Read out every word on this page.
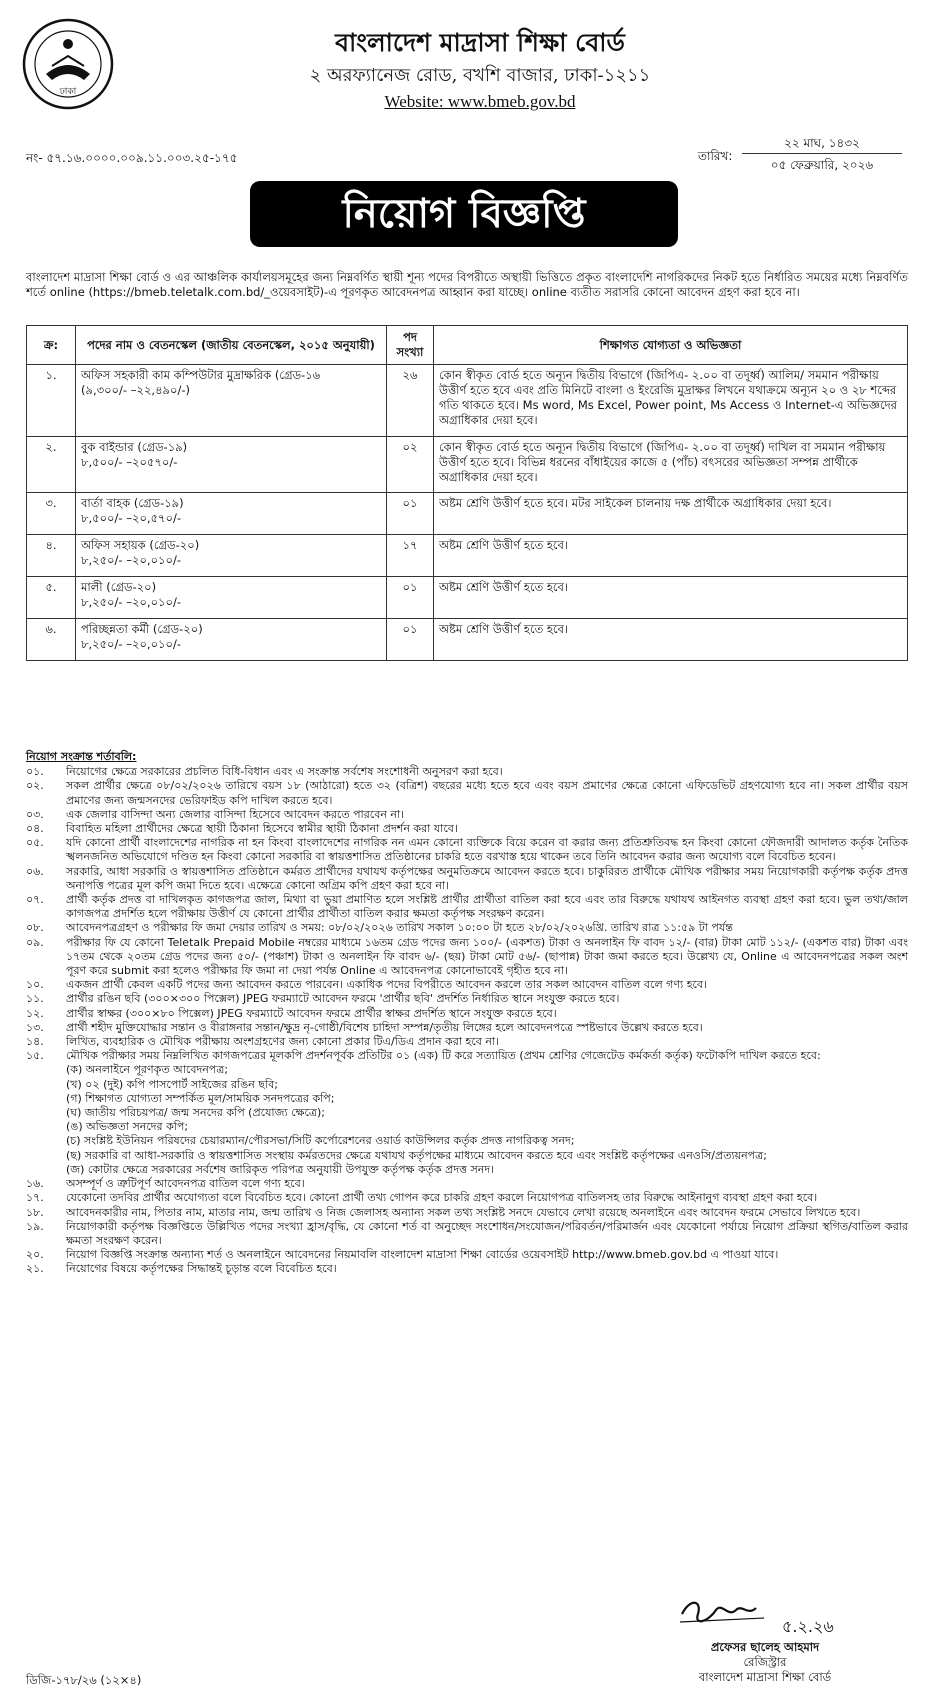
ঢাকা
বাংলাদেশ মাদ্রাসা শিক্ষা বোর্ড
২ অরফ্যানেজ রোড, বখশি বাজার, ঢাকা-১২১১
Website: www.bmeb.gov.bd
নং- ৫৭.১৬.০০০০.০০৯.১১.০০৩.২৫-১৭৫	তারিখ:
২২ মাঘ, ১৪৩২
০৫ ফেব্রুয়ারি, ২০২৬
নিয়োগ বিজ্ঞপ্তি
বাংলাদেশ মাদ্রাসা শিক্ষা বোর্ড ও এর আঞ্চলিক কার্যালয়সমূহের জন্য নিম্নবর্ণিত স্থায়ী শূন্য পদের বিপরীতে অস্থায়ী ভিত্তিতে প্রকৃত বাংলাদেশি নাগরিকদের নিকট হতে নির্ধারিত সময়ের মধ্যে নিম্নবর্ণিত শর্তে online (https://bmeb.teletalk.com.bd/_ওয়েবসাইট)-এ পূরণকৃত আবেদনপত্র আহ্বান করা যাচ্ছে। online ব্যতীত সরাসরি কোনো আবেদন গ্রহণ করা হবে না।
ক্র:	পদের নাম ও বেতনস্কেল (জাতীয় বেতনস্কেল, ২০১৫ অনুযায়ী)	পদ সংখ্যা	শিক্ষাগত যোগ্যতা ও অভিজ্ঞতা
১.	অফিস সহকারী কাম কম্পিউটার মুদ্রাক্ষরিক (গ্রেড-১৬
(৯,৩০০/- –২২,৪৯০/-)	২৬	কোন স্বীকৃত বোর্ড হতে অন্যূন দ্বিতীয় বিভাগে (জিপিএ- ২.০০ বা তদূর্ধ্ব) আলিম/ সমমান পরীক্ষায় উত্তীর্ণ হতে হবে এবং প্রতি মিনিটে বাংলা ও ইংরেজি মুদ্রাক্ষর লিখনে যথাক্রমে অন্যূন ২০ ও ২৮ শব্দের গতি থাকতে হবে। Ms word, Ms Excel, Power point, Ms Access ও Internet-এ অভিজ্ঞদের অগ্রাধিকার দেয়া হবে।
২.	বুক বাইন্ডার (গ্রেড-১৯)
৮,৫০০/- –২০৫৭০/-	০২	কোন স্বীকৃত বোর্ড হতে অন্যূন দ্বিতীয় বিভাগে (জিপিএ- ২.০০ বা তদূর্ধ্ব) দাখিল বা সমমান পরীক্ষায় উত্তীর্ণ হতে হবে। বিভিন্ন ধরনের বাঁধাইয়ের কাজে ৫ (পাঁচ) বৎসরের অভিজ্ঞতা সম্পন্ন প্রার্থীকে অগ্রাধিকার দেয়া হবে।
৩.	বার্তা বাহক (গ্রেড-১৯)
৮,৫০০/- –২০,৫৭০/-	০১	অষ্টম শ্রেণি উত্তীর্ণ হতে হবে। মটর সাইকেল চালনায় দক্ষ প্রার্থীকে অগ্রাধিকার দেয়া হবে।
৪.	অফিস সহায়ক (গ্রেড-২০)
৮,২৫০/- –২০,০১০/-	১৭	অষ্টম শ্রেণি উত্তীর্ণ হতে হবে।
৫.	মালী (গ্রেড-২০)
৮,২৫০/- –২০,০১০/-	০১	অষ্টম শ্রেণি উত্তীর্ণ হতে হবে।
৬.	পরিচ্ছন্নতা কর্মী (গ্রেড-২০)
৮,২৫০/- –২০,০১০/-	০১	অষ্টম শ্রেণি উত্তীর্ণ হতে হবে।
নিয়োগ সংক্রান্ত শর্তাবলি:
০১.	নিয়োগের ক্ষেত্রে সরকারের প্রচলিত বিধি-বিধান এবং এ সংক্রান্ত সর্বশেষ সংশোধনী অনুসরণ করা হবে।
০২.	সকল প্রার্থীর ক্ষেত্রে ০৮/০২/২০২৬ তারিখে বয়স ১৮ (আঠারো) হতে ৩২ (বত্রিশ) বছরের মধ্যে হতে হবে এবং বয়স প্রমাণের ক্ষেত্রে কোনো এফিডেভিট গ্রহণযোগ্য হবে না। সকল প্রার্থীর বয়স প্রমাণের জন্য জন্মসনদের ভেরিফাইড কপি দাখিল করতে হবে।
০৩.	এক জেলার বাসিন্দা অন্য জেলার বাসিন্দা হিসেবে আবেদন করতে পারবেন না।
০৪.	বিবাহিত মহিলা প্রার্থীদের ক্ষেত্রে স্থায়ী ঠিকানা হিসেবে স্বামীর স্থায়ী ঠিকানা প্রদর্শন করা যাবে।
০৫.	যদি কোনো প্রার্থী বাংলাদেশের নাগরিক না হন কিংবা বাংলাদেশের নাগরিক নন এমন কোনো ব্যক্তিকে বিয়ে করেন বা করার জন্য প্রতিশ্রুতিবদ্ধ হন কিংবা কোনো ফৌজদারী আদালত কর্তৃক নৈতিক স্খলনজনিত অভিযোগে দণ্ডিত হন কিংবা কোনো সরকারি বা স্বায়ত্তশাসিত প্রতিষ্ঠানের চাকরি হতে বরখাস্ত হয়ে থাকেন তবে তিনি আবেদন করার জন্য অযোগ্য বলে বিবেচিত হবেন।
০৬.	সরকারি, আধা সরকারি ও স্বায়ত্তশাসিত প্রতিষ্ঠানে কর্মরত প্রার্থীদের যথাযথ কর্তৃপক্ষের অনুমতিক্রমে আবেদন করতে হবে। চাকুরিরত প্রার্থীকে মৌখিক পরীক্ষার সময় নিয়োগকারী কর্তৃপক্ষ কর্তৃক প্রদত্ত অনাপত্তি পত্রের মূল কপি জমা দিতে হবে। এক্ষেত্রে কোনো অগ্রিম কপি গ্রহণ করা হবে না।
০৭.	প্রার্থী কর্তৃক প্রদত্ত বা দাখিলকৃত কাগজপত্র জাল, মিথ্যা বা ভুয়া প্রমাণিত হলে সংশ্লিষ্ট প্রার্থীর প্রার্থীতা বাতিল করা হবে এবং তার বিরুদ্ধে যথাযথ আইনগত ব্যবস্থা গ্রহণ করা হবে। ভুল তথ্য/জাল কাগজপত্র প্রদর্শিত হলে পরীক্ষায় উত্তীর্ণ যে কোনো প্রার্থীর প্রার্থীতা বাতিল করার ক্ষমতা কর্তৃপক্ষ সংরক্ষণ করেন।
০৮.	আবেদনপত্রগ্রহণ ও পরীক্ষার ফি জমা দেয়ার তারিখ ও সময়: ০৮/০২/২০২৬ তারিখ সকাল ১০:০০ টা হতে ২৮/০২/২০২৬খ্রি. তারিখ রাত্র ১১:৫৯ টা পর্যন্ত
০৯.	পরীক্ষার ফি যে কোনো Teletalk Prepaid Mobile নম্বরের মাধ্যমে ১৬তম গ্রেড পদের জন্য ১০০/- (একশত) টাকা ও অনলাইন ফি বাবদ ১২/- (বার) টাকা মোট ১১২/- (একশত বার) টাকা এবং ১৭তম থেকে ২০তম গ্রেড পদের জন্য ৫০/- (পঞ্চাশ) টাকা ও অনলাইন ফি বাবদ ৬/- (ছয়) টাকা মোট ৫৬/- (ছাপান্ন) টাকা জমা করতে হবে। উল্লেখ্য যে, Online এ আবেদনপত্রের সকল অংশ পূরণ করে submit করা হলেও পরীক্ষার ফি জমা না দেয়া পর্যন্ত Online এ আবেদনপত্র কোনোভাবেই গৃহীত হবে না।
১০.	একজন প্রার্থী কেবল একটি পদের জন্য আবেদন করতে পারবেন। একাধিক পদের বিপরীতে আবেদন করলে তার সকল আবেদন বাতিল বলে গণ্য হবে।
১১.	প্রার্থীর রঙিন ছবি (৩০০×৩০০ পিক্সেল) JPEG ফরম্যাটে আবেদন ফরমে 'প্রার্থীর ছবি' প্রদর্শিত নির্ধারিত স্থানে সংযুক্ত করতে হবে।
১২.	প্রার্থীর স্বাক্ষর (৩০০×৮০ পিক্সেল) JPEG ফরম্যাটে আবেদন ফরমে প্রার্থীর স্বাক্ষর প্রদর্শিত স্থানে সংযুক্ত করতে হবে।
১৩.	প্রার্থী শহীদ মুক্তিযোদ্ধার সন্তান ও বীরাঙ্গনার সন্তান/ক্ষুদ্র নৃ-গোষ্ঠী/বিশেষ চাহিদা সম্পন্ন/তৃতীয় লিঙ্গের হলে আবেদনপত্রে স্পষ্টভাবে উল্লেখ করতে হবে।
১৪.	লিখিত, ব্যবহারিক ও মৌখিক পরীক্ষায় অংশগ্রহণের জন্য কোনো প্রকার টিএ/ডিএ প্রদান করা হবে না।
১৫.	মৌখিক পরীক্ষার সময় নিম্নলিখিত কাগজপত্রের মূলকপি প্রদর্শনপূর্বক প্রতিটির ০১ (এক) টি করে সত্যায়িত (প্রথম শ্রেণির গেজেটেড কর্মকর্তা কর্তৃক) ফটোকপি দাখিল করতে হবে:
(ক) অনলাইনে পূরণকৃত আবেদনপত্র;
(খ) ০২ (দুই) কপি পাসপোর্ট সাইজের রঙিন ছবি;
(গ) শিক্ষাগত যোগ্যতা সম্পর্কিত মূল/সাময়িক সনদপত্রের কপি;
(ঘ) জাতীয় পরিচয়পত্র/ জন্ম সনদের কপি (প্রযোজ্য ক্ষেত্রে);
(ঙ) অভিজ্ঞতা সনদের কপি;
(চ) সংশ্লিষ্ট ইউনিয়ন পরিষদের চেয়ারম্যান/পৌরসভা/সিটি কর্পোরেশনের ওয়ার্ড কাউন্সিলর কর্তৃক প্রদত্ত নাগরিকত্ব সনদ;
(ছ) সরকারি বা আধা-সরকারি ও স্বায়ত্তশাসিত সংস্থায় কর্মরতদের ক্ষেত্রে যথাযথ কর্তৃপক্ষের মাধ্যমে আবেদন করতে হবে এবং সংশ্লিষ্ট কর্তৃপক্ষের এনওসি/প্রত্যয়নপত্র;
(জ) কোটার ক্ষেত্রে সরকারের সর্বশেষ জারিকৃত পরিপত্র অনুযায়ী উপযুক্ত কর্তৃপক্ষ কর্তৃক প্রদত্ত সনদ।
১৬.	অসম্পূর্ণ ও ত্রুটিপূর্ণ আবেদনপত্র বাতিল বলে গণ্য হবে।
১৭.	যেকোনো তদবির প্রার্থীর অযোগ্যতা বলে বিবেচিত হবে। কোনো প্রার্থী তথ্য গোপন করে চাকরি গ্রহণ করলে নিয়োগপত্র বাতিলসহ তার বিরুদ্ধে আইনানুগ ব্যবস্থা গ্রহণ করা হবে।
১৮.	আবেদনকারীর নাম, পিতার নাম, মাতার নাম, জন্ম তারিখ ও নিজ জেলাসহ অন্যান্য সকল তথ্য সংশ্লিষ্ট সনদে যেভাবে লেখা রয়েছে অনলাইনে এবং আবেদন ফরমে সেভাবে লিখতে হবে।
১৯.	নিয়োগকারী কর্তৃপক্ষ বিজ্ঞপ্তিতে উল্লিখিত পদের সংখ্যা হ্রাস/বৃদ্ধি, যে কোনো শর্ত বা অনুচ্ছেদ সংশোধন/সংযোজন/পরিবর্তন/পরিমার্জন এবং যেকোনো পর্যায়ে নিয়োগ প্রক্রিয়া স্থগিত/বাতিল করার ক্ষমতা সংরক্ষণ করেন।
২০.	নিয়োগ বিজ্ঞপ্তি সংক্রান্ত অন্যান্য শর্ত ও অনলাইনে আবেদনের নিয়মাবলি বাংলাদেশ মাদ্রাসা শিক্ষা বোর্ডের ওয়েবসাইট http://www.bmeb.gov.bd এ পাওয়া যাবে।
২১.	নিয়োগের বিষয়ে কর্তৃপক্ষের সিদ্ধান্তই চূড়ান্ত বলে বিবেচিত হবে।
৫.২.২৬
প্রফেসর ছালেহ আহমাদ
রেজিস্ট্রার
বাংলাদেশ মাদ্রাসা শিক্ষা বোর্ড
ডিজি-১৭৮/২৬ (১২×৪)
